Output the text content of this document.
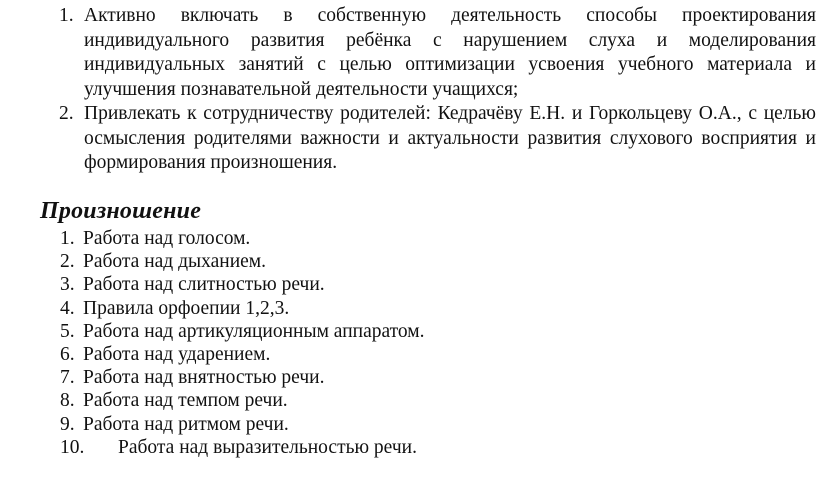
1. Активно включать в собственную деятельность способы проектирования индивидуального развития ребёнка с нарушением слуха и моделирования индивидуальных занятий с целью оптимизации усвоения учебного материала и улучшения познавательной деятельности учащихся;
2. Привлекать к сотрудничеству родителей: Кедрачёву Е.Н. и Горкольцеву О.А., с целью осмысления родителями важности и актуальности развития слухового восприятия и формирования произношения.
Произношение
1. Работа над голосом.
2. Работа над дыханием.
3. Работа над слитностью речи.
4. Правила орфоепии 1,2,3.
5. Работа над артикуляционным аппаратом.
6. Работа над ударением.
7. Работа над внятностью речи.
8. Работа над темпом речи.
9. Работа над ритмом речи.
10. Работа над выразительностью речи.
